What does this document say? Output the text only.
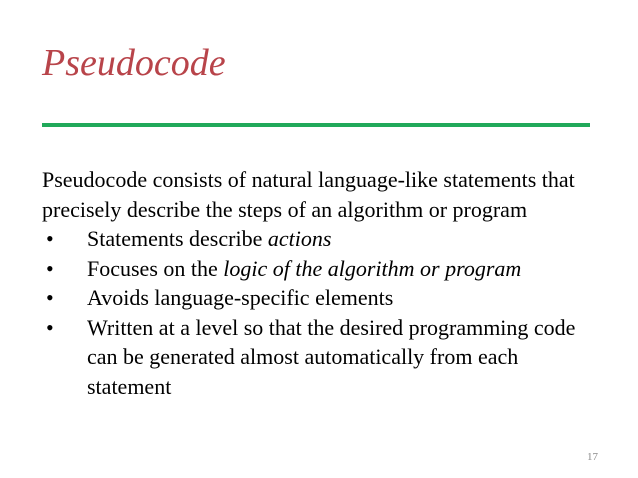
Pseudocode

Pseudocode consists of natural language-like statements that precisely describe the steps of an algorithm or program

• Statements describe actions
• Focuses on the logic of the algorithm or program
• Avoids language-specific elements
• Written at a level so that the desired programming code can be generated almost automatically from each statement
17
